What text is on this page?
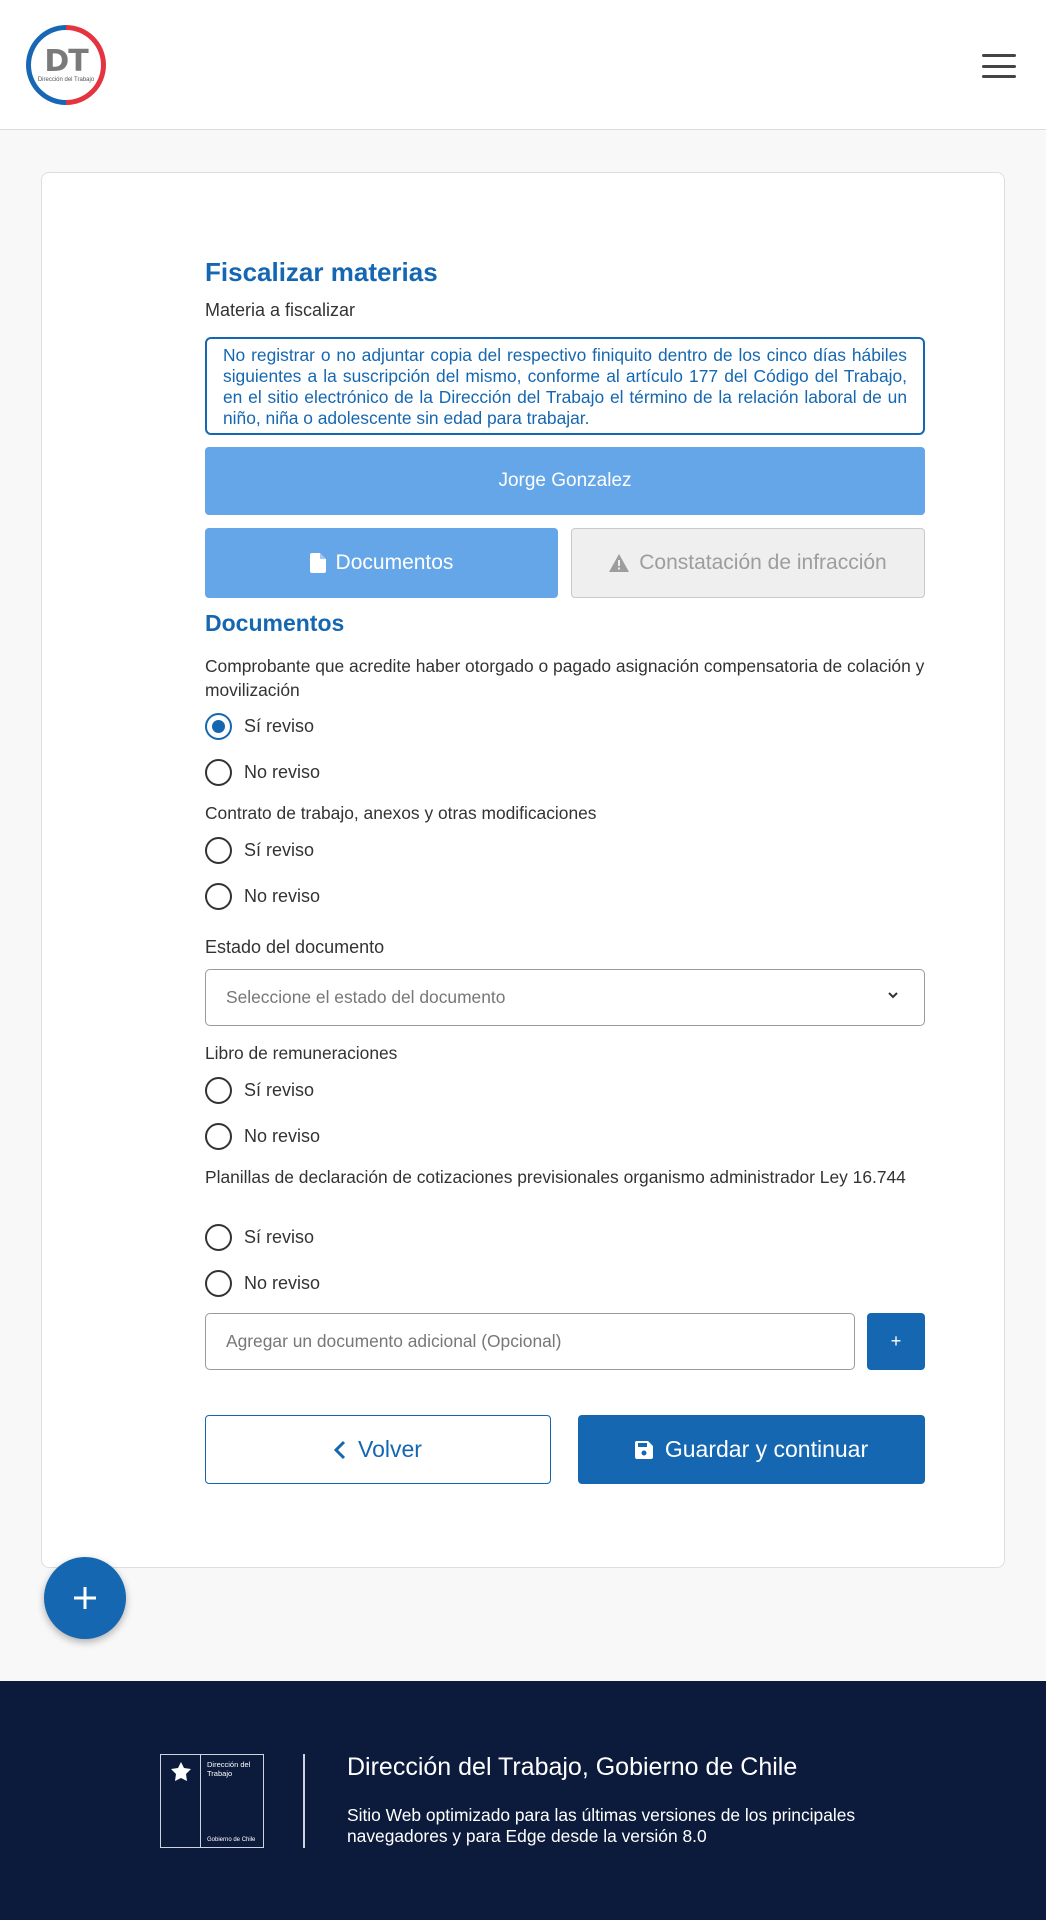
DT
Dirección del Trabajo
Fiscalizar materias
Materia a fiscalizar
No registrar o no adjuntar copia del respectivo finiquito dentro de los cinco días hábiles siguientes a la suscripción del mismo, conforme al artículo 177 del Código del Trabajo, en el sitio electrónico de la Dirección del Trabajo el término de la relación laboral de un niño, niña o adolescente sin edad para trabajar.
Jorge Gonzalez
Documentos	Constatación de infracción
Documentos
Comprobante que acredite haber otorgado o pagado asignación compensatoria de colación y movilización
Sí reviso
No reviso
Contrato de trabajo, anexos y otras modificaciones
Sí reviso
No reviso
Estado del documento
Seleccione el estado del documento
Libro de remuneraciones
Sí reviso
No reviso
Planillas de declaración de cotizaciones previsionales organismo administrador Ley 16.744
Sí reviso
No reviso
Agregar un documento adicional (Opcional)
+
Volver	Guardar y continuar
Dirección del Trabajo
Gobierno de Chile
Dirección del Trabajo, Gobierno de Chile
Sitio Web optimizado para las últimas versiones de los principales navegadores y para Edge desde la versión 8.0
